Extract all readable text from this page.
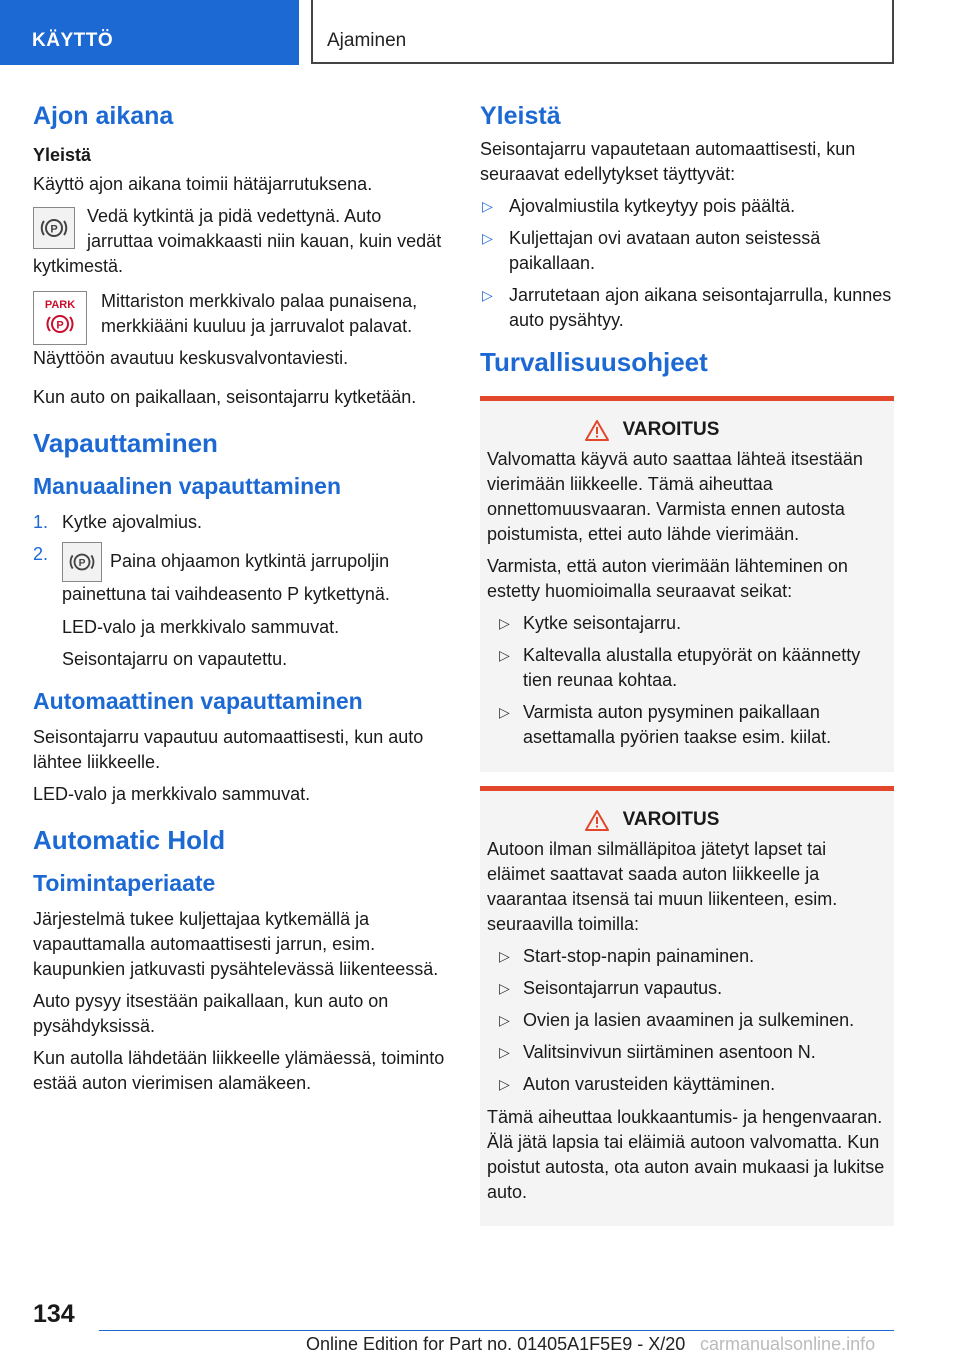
KÄYTTÖ	Ajaminen
Ajon aikana
Yleistä

Käyttö ajon aikana toimii hätäjarrutuksena.

P

Vedä kytkintä ja pidä vedettynä. Auto jarruttaa voimakkaasti niin kauan, kuin vedät kytkimestä.

PARK
P

Mittariston merkkivalo palaa punaisena, merkkiääni kuuluu ja jarruvalot palavat.

Näyttöön avautuu keskusvalvontaviesti.

Kun auto on paikallaan, seisontajarru kytketään.

Vapauttaminen
Manuaalinen vapauttaminen
1. Kytke ajovalmius.
2.	P Paina ohjaamon kytkintä jarrupoljin painettuna tai vaihdeasento P kytkettynä.

LED-valo ja merkkivalo sammuvat.

Seisontajarru on vapautettu.

Automaattinen vapauttaminen

Seisontajarru vapautuu automaattisesti, kun auto lähtee liikkeelle.

LED-valo ja merkkivalo sammuvat.

Automatic Hold
Toimintaperiaate

Järjestelmä tukee kuljettajaa kytkemällä ja vapauttamalla automaattisesti jarrun, esim. kaupunkien jatkuvasti pysähtelevässä liikenteessä.

Auto pysyy itsestään paikallaan, kun auto on pysähdyksissä.

Kun autolla lähdetään liikkeelle ylämäessä, toiminto estää auton vierimisen alamäkeen.

Yleistä

Seisontajarru vapautetaan automaattisesti, kun seuraavat edellytykset täyttyvät:

▷ Ajovalmiustila kytkeytyy pois päältä.
▷ Kuljettajan ovi avataan auton seistessä paikallaan.
▷ Jarrutetaan ajon aikana seisontajarrulla, kunnes auto pysähtyy.
Turvallisuusohjeet
VAROITUS

Valvomatta käyvä auto saattaa lähteä itsestään vierimään liikkeelle. Tämä aiheuttaa onnettomuusvaaran. Varmista ennen autosta poistumista, ettei auto lähde vierimään.

Varmista, että auton vierimään lähteminen on estetty huomioimalla seuraavat seikat:

▷ Kytke seisontajarru.
▷ Kaltevalla alustalla etupyörät on käännetty tien reunaa kohtaa.
▷ Varmista auton pysyminen paikallaan asettamalla pyörien taakse esim. kiilat.
VAROITUS

Autoon ilman silmälläpitoa jätetyt lapset tai eläimet saattavat saada auton liikkeelle ja vaarantaa itsensä tai muun liikenteen, esim. seuraavilla toimilla:

▷ Start-stop-napin painaminen.
▷ Seisontajarrun vapautus.
▷ Ovien ja lasien avaaminen ja sulkeminen.
▷ Valitsinvivun siirtäminen asentoon N.
▷ Auton varusteiden käyttäminen.

Tämä aiheuttaa loukkaantumis- ja hengenvaaran. Älä jätä lapsia tai eläimiä autoon valvomatta. Kun poistut autosta, ota auton avain mukaasi ja lukitse auto.

134
Online Edition for Part no. 01405A1F5E9 - X/20 carmanualsonline.info
